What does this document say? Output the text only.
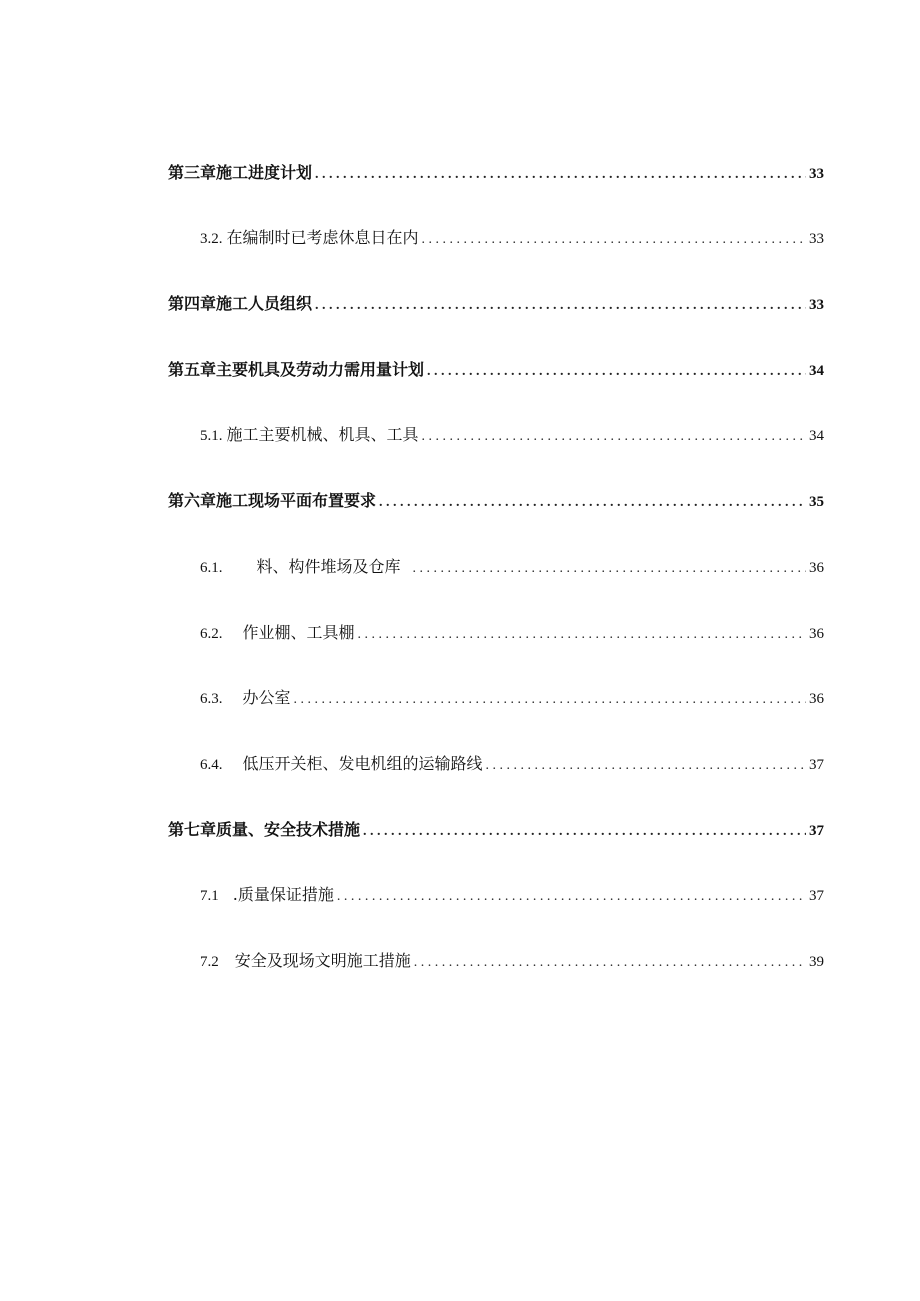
第三章施工进度计划 . . .	33
3.2. 在编制时已考虑休息日在内 . . .	33
第四章施工人员组织 . . .	33
第五章主要机具及劳动力需用量计划 . . .	34
5.1. 施工主要机械、机具、工具 . . .	34
第六章施工现场平面布置要求 . . .	35
6.1. 料、构件堆场及仓库 . . .	36
6.2. 作业棚、工具棚 . . .	36
6.3. 办公室 . . .	36
6.4. 低压开关柜、发电机组的运输路线 . . .	37
第七章质量、安全技术措施 . . .	37
7.1 .质量保证措施 . . .	37
7.2 安全及现场文明施工措施 . . .	39
